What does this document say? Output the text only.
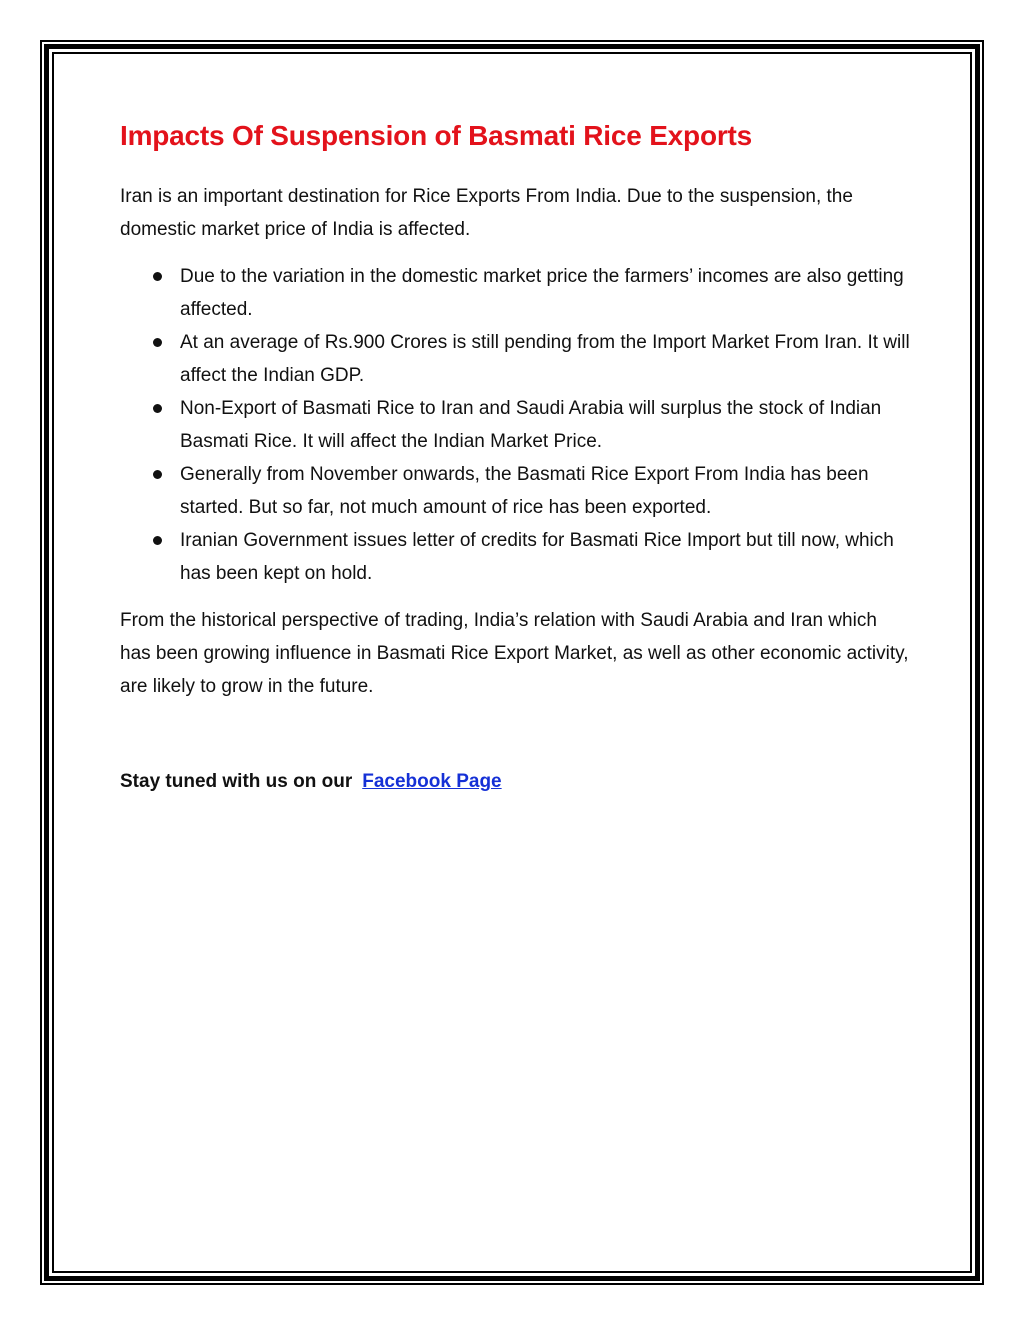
Impacts Of Suspension of Basmati Rice Exports

Iran is an important destination for Rice Exports From India. Due to the suspension, the domestic market price of India is affected.

Due to the variation in the domestic market price the farmers’ incomes are also getting affected.
At an average of Rs.900 Crores is still pending from the Import Market From Iran. It will affect the Indian GDP.
Non-Export of Basmati Rice to Iran and Saudi Arabia will surplus the stock of Indian Basmati Rice. It will affect the Indian Market Price.
Generally from November onwards, the Basmati Rice Export From India has been started. But so far, not much amount of rice has been exported.
Iranian Government issues letter of credits for Basmati Rice Import but till now, which has been kept on hold.

From the historical perspective of trading, India’s relation with Saudi Arabia and Iran which has been growing influence in Basmati Rice Export Market, as well as other economic activity, are likely to grow in the future.

Stay tuned with us on our Facebook Page
